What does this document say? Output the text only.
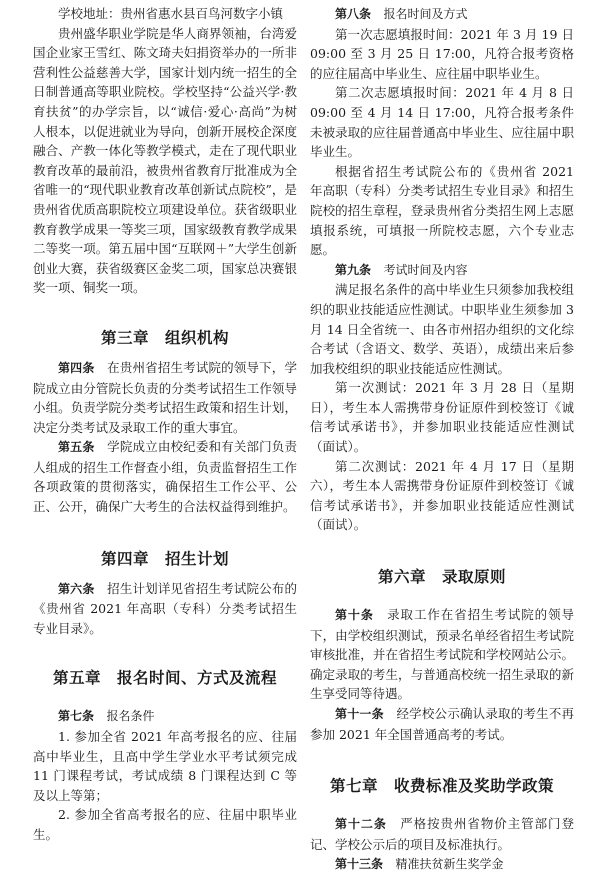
学校地址：贵州省惠水县百鸟河数字小镇

贵州盛华职业学院是华人商界领袖，台湾爱国企业家王雪红、陈文琦夫妇捐资举办的一所非营利性公益慈善大学，国家计划内统一招生的全日制普通高等职业院校。学校坚持“公益兴学·教育扶贫”的办学宗旨，以“诚信·爱心·高尚”为树人根本，以促进就业为导向，创新开展校企深度融合、产教一体化等教学模式，走在了现代职业教育改革的最前沿，被贵州省教育厅批准成为全省唯一的“现代职业教育改革创新试点院校”，是贵州省优质高职院校立项建设单位。获省级职业教育教学成果一等奖三项，国家级教育教学成果二等奖一项。第五届中国“互联网＋”大学生创新创业大赛，获省级赛区金奖二项，国家总决赛银奖一项、铜奖一项。

第三章　组织机构

第四条 在贵州省招生考试院的领导下，学院成立由分管院长负责的分类考试招生工作领导小组。负责学院分类考试招生政策和招生计划，决定分类考试及录取工作的重大事宜。

第五条 学院成立由校纪委和有关部门负责人组成的招生工作督查小组，负责监督招生工作各项政策的贯彻落实，确保招生工作公平、公正、公开，确保广大考生的合法权益得到维护。

第四章　招生计划

第六条 招生计划详见省招生考试院公布的《贵州省 2021 年高职（专科）分类考试招生专业目录》。

第五章　报名时间、方式及流程

第七条 报名条件

1. 参加全省 2021 年高考报名的应、往届高中毕业生，且高中学生学业水平考试须完成 11 门课程考试，考试成绩 8 门课程达到 C 等及以上等第；

2. 参加全省高考报名的应、往届中职毕业生。

第八条 报名时间及方式

第一次志愿填报时间：2021 年 3 月 19 日 09:00 至 3 月 25 日 17:00，凡符合报考资格的应往届高中毕业生、应往届中职毕业生。

第二次志愿填报时间：2021 年 4 月 8 日 09:00 至 4 月 14 日 17:00，凡符合报考条件未被录取的应往届普通高中毕业生、应往届中职毕业生。

根据省招生考试院公布的《贵州省 2021 年高职（专科）分类考试招生专业目录》和招生院校的招生章程，登录贵州省分类招生网上志愿填报系统，可填报一所院校志愿，六个专业志愿。

第九条 考试时间及内容

满足报名条件的高中毕业生只须参加我校组织的职业技能适应性测试。中职毕业生须参加 3 月 14 日全省统一、由各市州招办组织的文化综合考试（含语文、数学、英语），成绩出来后参加我校组织的职业技能适应性测试。

第一次测试：2021 年 3 月 28 日（星期日），考生本人需携带身份证原件到校签订《诚信考试承诺书》，并参加职业技能适应性测试（面试）。

第二次测试：2021 年 4 月 17 日（星期六），考生本人需携带身份证原件到校签订《诚信考试承诺书》，并参加职业技能适应性测试（面试）。

第六章　录取原则

第十条 录取工作在省招生考试院的领导下，由学校组织测试，预录名单经省招生考试院审核批准，并在省招生考试院和学校网站公示。确定录取的考生，与普通高校统一招生录取的新生享受同等待遇。

第十一条 经学校公示确认录取的考生不再参加 2021 年全国普通高考的考试。

第七章　收费标准及奖助学政策

第十二条 严格按贵州省物价主管部门登记、学校公示后的项目及标准执行。

第十三条 精准扶贫新生奖学金
